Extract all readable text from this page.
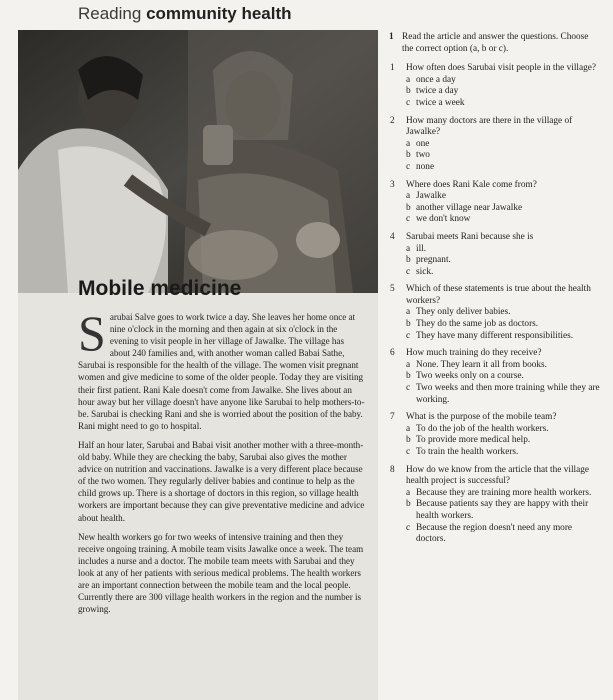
Reading community health
Mobile medicine

Sarubai Salve goes to work twice a day. She leaves her home once at nine o'clock in the morning and then again at six o'clock in the evening to visit people in her village of Jawalke. The village has about 240 families and, with another woman called Babai Sathe, Sarubai is responsible for the health of the village. The women visit pregnant women and give medicine to some of the older people. Today they are visiting their first patient. Rani Kale doesn't come from Jawalke. She lives about an hour away but her village doesn't have anyone like Sarubai to help mothers-to-be. Sarubai is checking Rani and she is worried about the position of the baby. Rani might need to go to hospital.

Half an hour later, Sarubai and Babai visit another mother with a three-month-old baby. While they are checking the baby, Sarubai also gives the mother advice on nutrition and vaccinations. Jawalke is a very different place because of the two women. They regularly deliver babies and continue to help as the child grows up. There is a shortage of doctors in this region, so village health workers are important because they can give preventative medicine and advice about health.

New health workers go for two weeks of intensive training and then they receive ongoing training. A mobile team visits Jawalke once a week. The team includes a nurse and a doctor. The mobile team meets with Sarubai and they look at any of her patients with serious medical problems. The health workers are an important connection between the mobile team and the local people. Currently there are 300 village health workers in the region and the number is growing.

1 Read the article and answer the questions. Choose the correct option (a, b or c).
1	How often does Sarubai visit people in the village?
a once a day
b twice a day
c twice a week
2	How many doctors are there in the village of Jawalke?
a one
b two
c none
3	Where does Rani Kale come from?
a Jawalke
b another village near Jawalke
c we don't know
4	Sarubai meets Rani because she is
a ill.
b pregnant.
c sick.
5	Which of these statements is true about the health workers?
a They only deliver babies.
b They do the same job as doctors.
c They have many different responsibilities.
6	How much training do they receive?
a None. They learn it all from books.
b Two weeks only on a course.
c Two weeks and then more training while they are working.
7	What is the purpose of the mobile team?
a To do the job of the health workers.
b To provide more medical help.
c To train the health workers.
8	How do we know from the article that the village health project is successful?
a Because they are training more health workers.
b Because patients say they are happy with their health workers.
c Because the region doesn't need any more doctors.
